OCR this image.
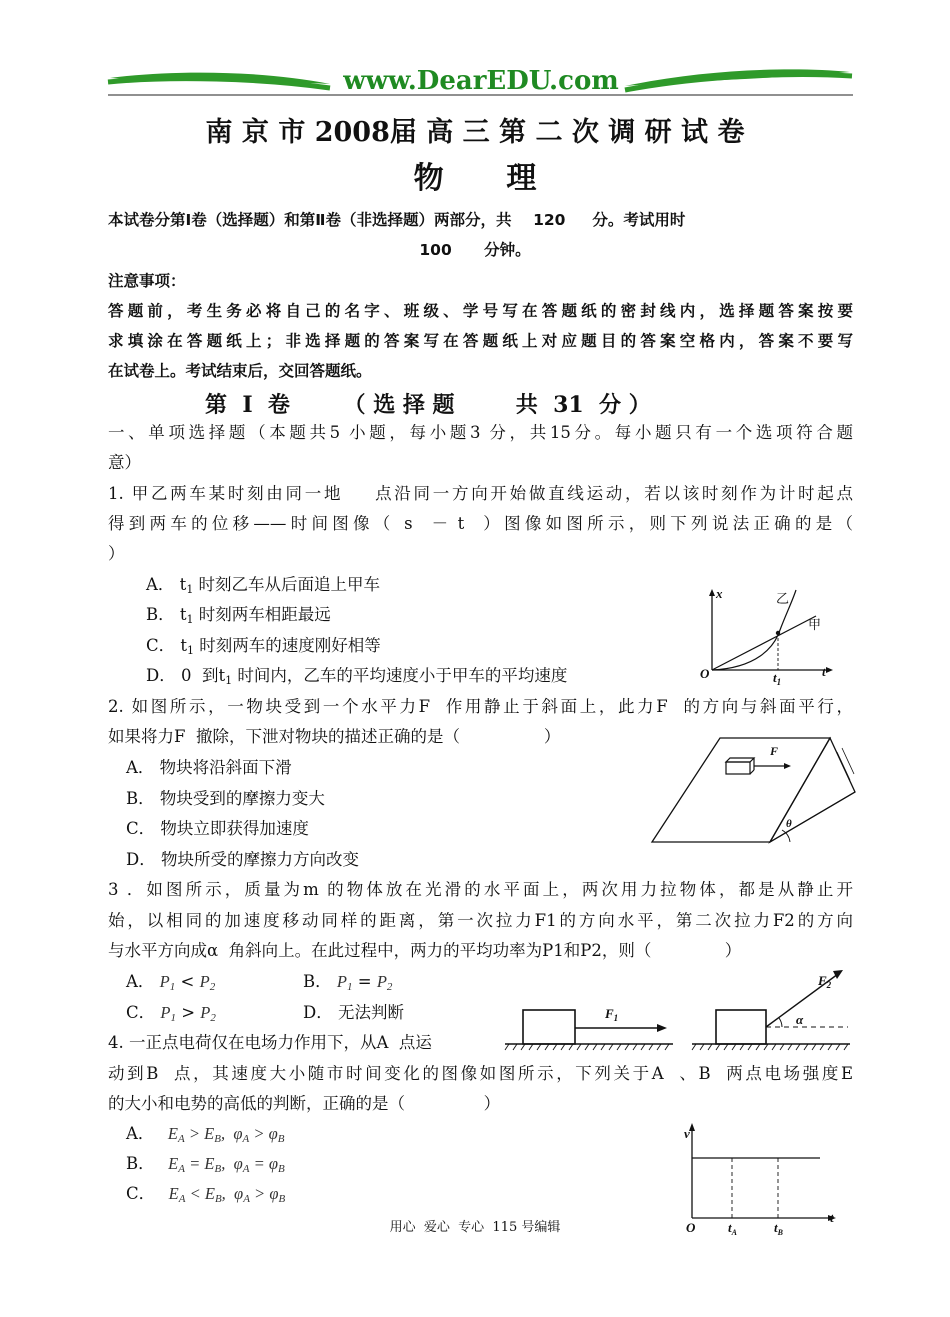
www.DearEDU.com
南 京 市 2008届 高 三 第 二 次 调 研 试 卷
物      理
本试卷分第Ⅰ卷（选择题）和第Ⅱ卷（非选择题）两部分，共    120     分。考试用时
100      分钟。
注意事项：
答题前，考生务必将自己的名字、班级、学号写在答题纸的密封线内，选择题答案按要
求填涂在答题纸上；非选择题的答案写在答题纸上对应题目的答案空格内，答案不要写
在试卷上。考试结束后，交回答题纸。
第  Ⅰ  卷       （ 选 择 题        共  31  分 ）
一、单项选择题（本题共5 小题，每小题3 分，共15分。每小题只有一个选项符合题
意）
1. 甲乙两车某时刻由同一地    点沿同一方向开始做直线运动，若以该时刻作为计时起点
得到两车的位移——时间图像（ s  － t  ）图像如图所示，则下列说法正确的是（
）
A． $t_1$ 时刻乙车从后面追上甲车
B． $t_1$ 时刻两车相距最远
C． $t_1$ 时刻两车的速度刚好相等
D． 0  到$t_1$ 时间内，乙车的平均速度小于甲车的平均速度
x
t
O	$t_1$
乙
甲
2. 如图所示，一物块受到一个水平力F  作用静止于斜面上，此力F  的方向与斜面平行，
如果将力F  撤除，下泄对物块的描述正确的是（                ）
A． 物块将沿斜面下滑
B． 物块受到的摩擦力变大
C． 物块立即获得加速度
D． 物块所受的摩擦力方向改变
F
θ
3 ．如图所示，质量为m 的物体放在光滑的水平面上，两次用力拉物体，都是从静止开
始，以相同的加速度移动同样的距离，第一次拉力F1的方向水平，第二次拉力F2的方向
与水平方向成α  角斜向上。在此过程中，两力的平均功率为P1和P2，则（              ）
A． $P_1 < P_2$	B． $P_1 = P_2$
C． $P_1 > P_2$	D． 无法判断	$F_1$
$F_2$
α
4. 一正点电荷仅在电场力作用下，从A  点运
动到B  点，其速度大小随市时间变化的图像如图所示，下列关于A  、B  两点电场强度E
的大小和电势的高低的判断，正确的是（               ）
A．   $E_A > E_B$,  $\varphi_A > \varphi_B$
B．   $E_A = E_B$,  $\varphi_A = \varphi_B$
C．   $E_A < E_B$,  $\varphi_A > \varphi_B$
v
t
O	$t_A$	$t_B$
用心  爱心  专心  115 号编辑
